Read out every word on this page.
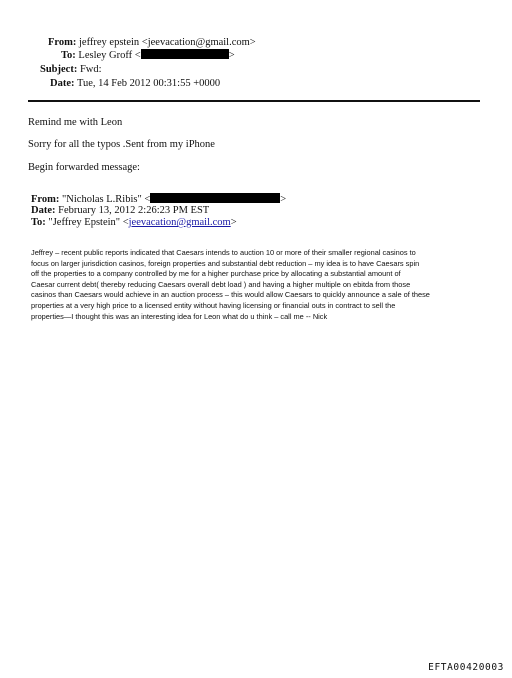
From: jeffrey epstein <jeevacation@gmail.com>
To: Lesley Groff <	>
Subject: Fwd:
Date: Tue, 14 Feb 2012 00:31:55 +0000
Remind me with Leon
Sorry for all the typos .Sent from my iPhone
Begin forwarded message:
From: "Nicholas L.Ribis" <	>
Date: February 13, 2012 2:26:23 PM EST
To: "Jeffrey Epstein" <jeevacation@gmail.com>
Jeffrey – recent public reports indicated that Caesars intends to auction 10 or more of their smaller regional casinos to
focus on larger jurisdiction casinos, foreign properties and substantial debt reduction – my idea is to have Caesars spin
off the properties to a company controlled by me for a higher purchase price by allocating a substantial amount of
Caesar current debt( thereby reducing Caesars overall debt load ) and having a higher multiple on ebitda from those
casinos than Caesars would achieve in an auction process – this would allow Caesars to quickly announce a sale of these
properties at a very high price to a licensed entity without having licensing or financial outs in contract to sell the
properties—I thought this was an interesting idea for Leon what do u think – call me -- Nick
EFTA00420003
